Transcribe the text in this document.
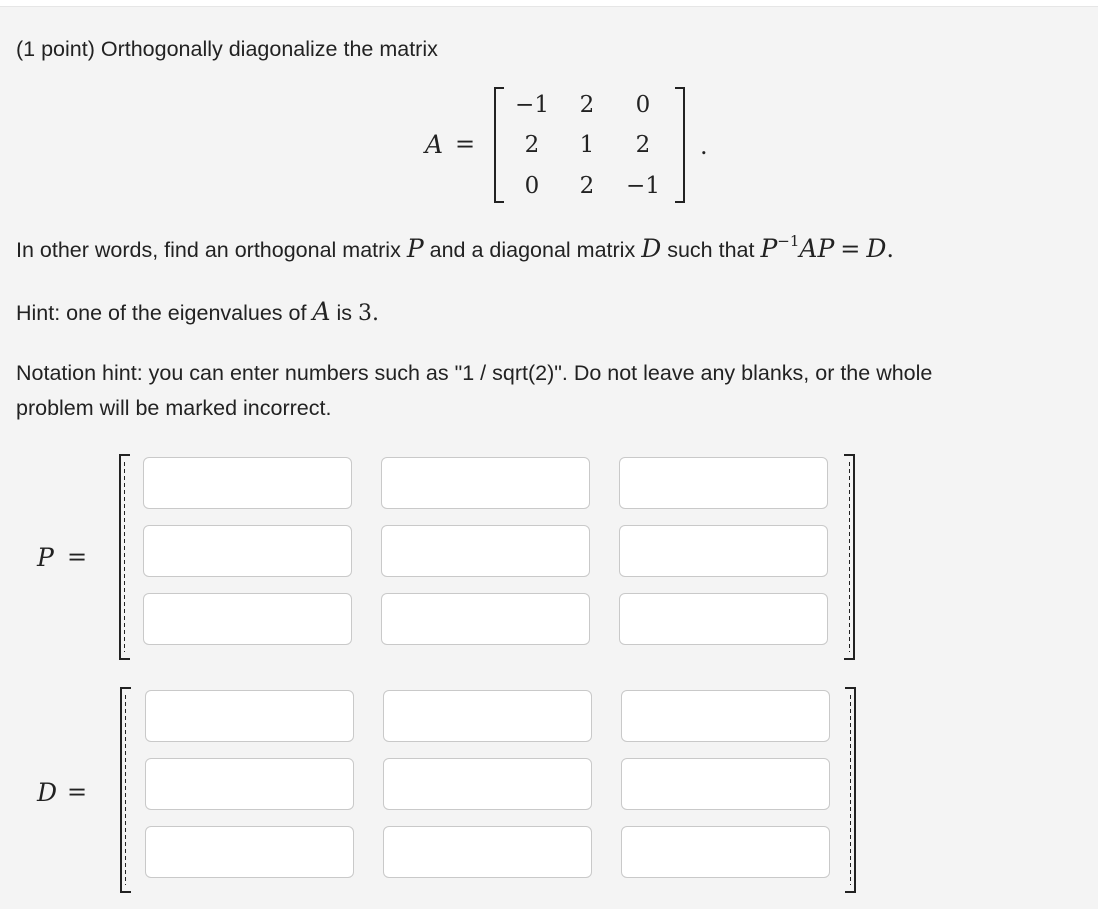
(1 point) Orthogonally diagonalize the matrix
A =
−1	2	0
2	1	2
0	2	−1
.
In other words, find an orthogonal matrix P and a diagonal matrix D such that $P^{-1}AP = D$.
Hint: one of the eigenvalues of A is 3.
Notation hint: you can enter numbers such as "1 / sqrt(2)". Do not leave any blanks, or the whole
problem will be marked incorrect.
P =
D =
